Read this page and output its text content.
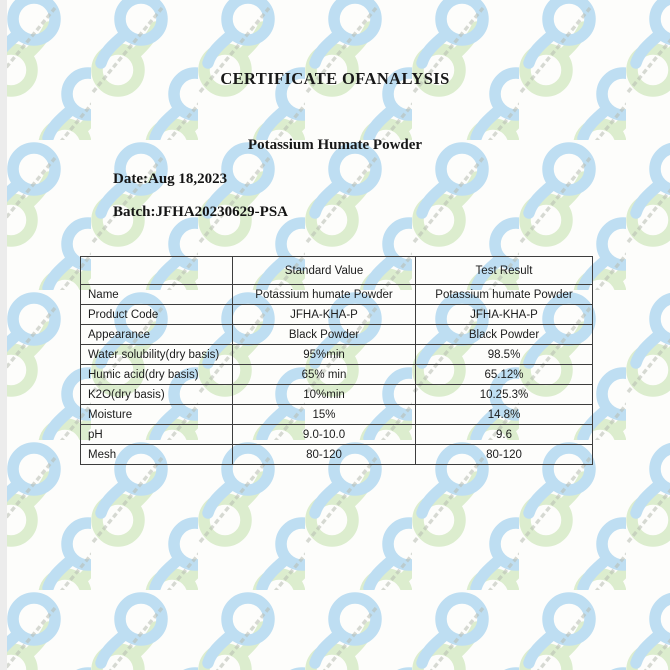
CERTIFICATE OFANALYSIS
Potassium Humate Powder
Date:Aug 18,2023
Batch:JFHA20230629-PSA
	Standard Value	Test Result
Name	Potassium humate Powder	Potassium humate Powder
Product Code	JFHA-KHA-P	JFHA-KHA-P
Appearance	Black Powder	Black Powder
Water solubility(dry basis)	95%min	98.5%
Humic acid(dry basis)	65% min	65.12%
K2O(dry basis)	10%min	10.25.3%
Moisture	15%	14.8%
pH	9.0-10.0	9.6
Mesh	80-120	80-120
